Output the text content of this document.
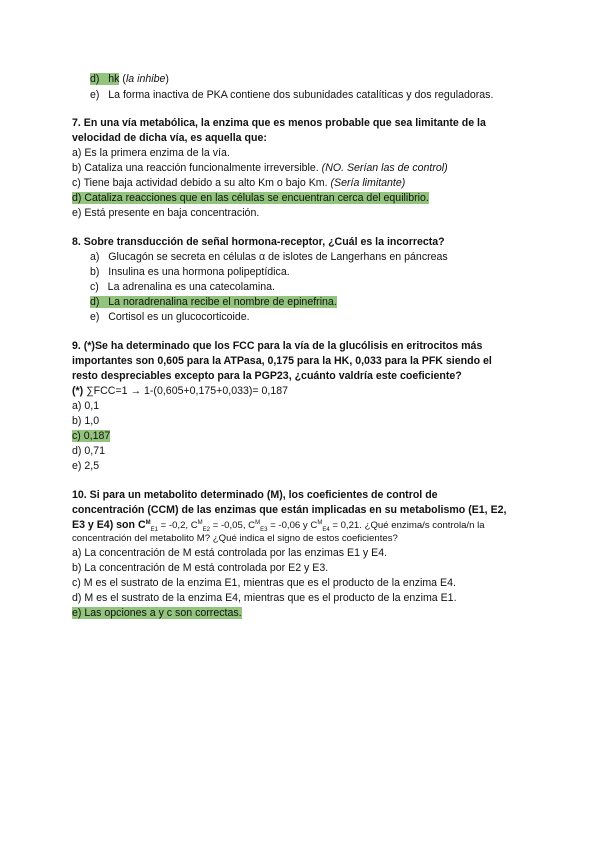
d) hk (la inhibe)
e) La forma inactiva de PKA contiene dos subunidades catalíticas y dos reguladoras.
7. En una vía metabólica, la enzima que es menos probable que sea limitante de la
velocidad de dicha vía, es aquella que:
a) Es la primera enzima de la vía.
b) Cataliza una reacción funcionalmente irreversible. (NO. Serían las de control)
c) Tiene baja actividad debido a su alto Km o bajo Km. (Sería limitante)
d) Cataliza reacciones que en las células se encuentran cerca del equilibrio.
e) Está presente en baja concentración.
8. Sobre transducción de señal hormona-receptor, ¿Cuál es la incorrecta?
a) Glucagón se secreta en células α de islotes de Langerhans en páncreas
b) Insulina es una hormona polipeptídica.
c) La adrenalina es una catecolamina.
d) La noradrenalina recibe el nombre de epinefrina.
e) Cortisol es un glucocorticoide.
9. (*)Se ha determinado que los FCC para la vía de la glucólisis en eritrocitos más
importantes son 0,605 para la ATPasa, 0,175 para la HK, 0,033 para la PFK siendo el
resto despreciables excepto para la PGP23, ¿cuánto valdría este coeficiente?
(*) ∑FCC=1 → 1-(0,605+0,175+0,033)= 0,187
a) 0,1
b) 1,0
c) 0,187
d) 0,71
e) 2,5
10. Si para un metabolito determinado (M), los coeficientes de control de
concentración (CCM) de las enzimas que están implicadas en su metabolismo (E1, E2,
E3 y E4) son $C^M_{E1} = -0,2$, $C^M_{E2} = -0,05$, $C^M_{E3} = -0,06$ y $C^M_{E4} = 0,21$. ¿Qué enzima/s controla/n la
concentración del metabolito M? ¿Qué indica el signo de estos coeficientes?
a) La concentración de M está controlada por las enzimas E1 y E4.
b) La concentración de M está controlada por E2 y E3.
c) M es el sustrato de la enzima E1, mientras que es el producto de la enzima E4.
d) M es el sustrato de la enzima E4, mientras que es el producto de la enzima E1.
e) Las opciones a y c son correctas.
